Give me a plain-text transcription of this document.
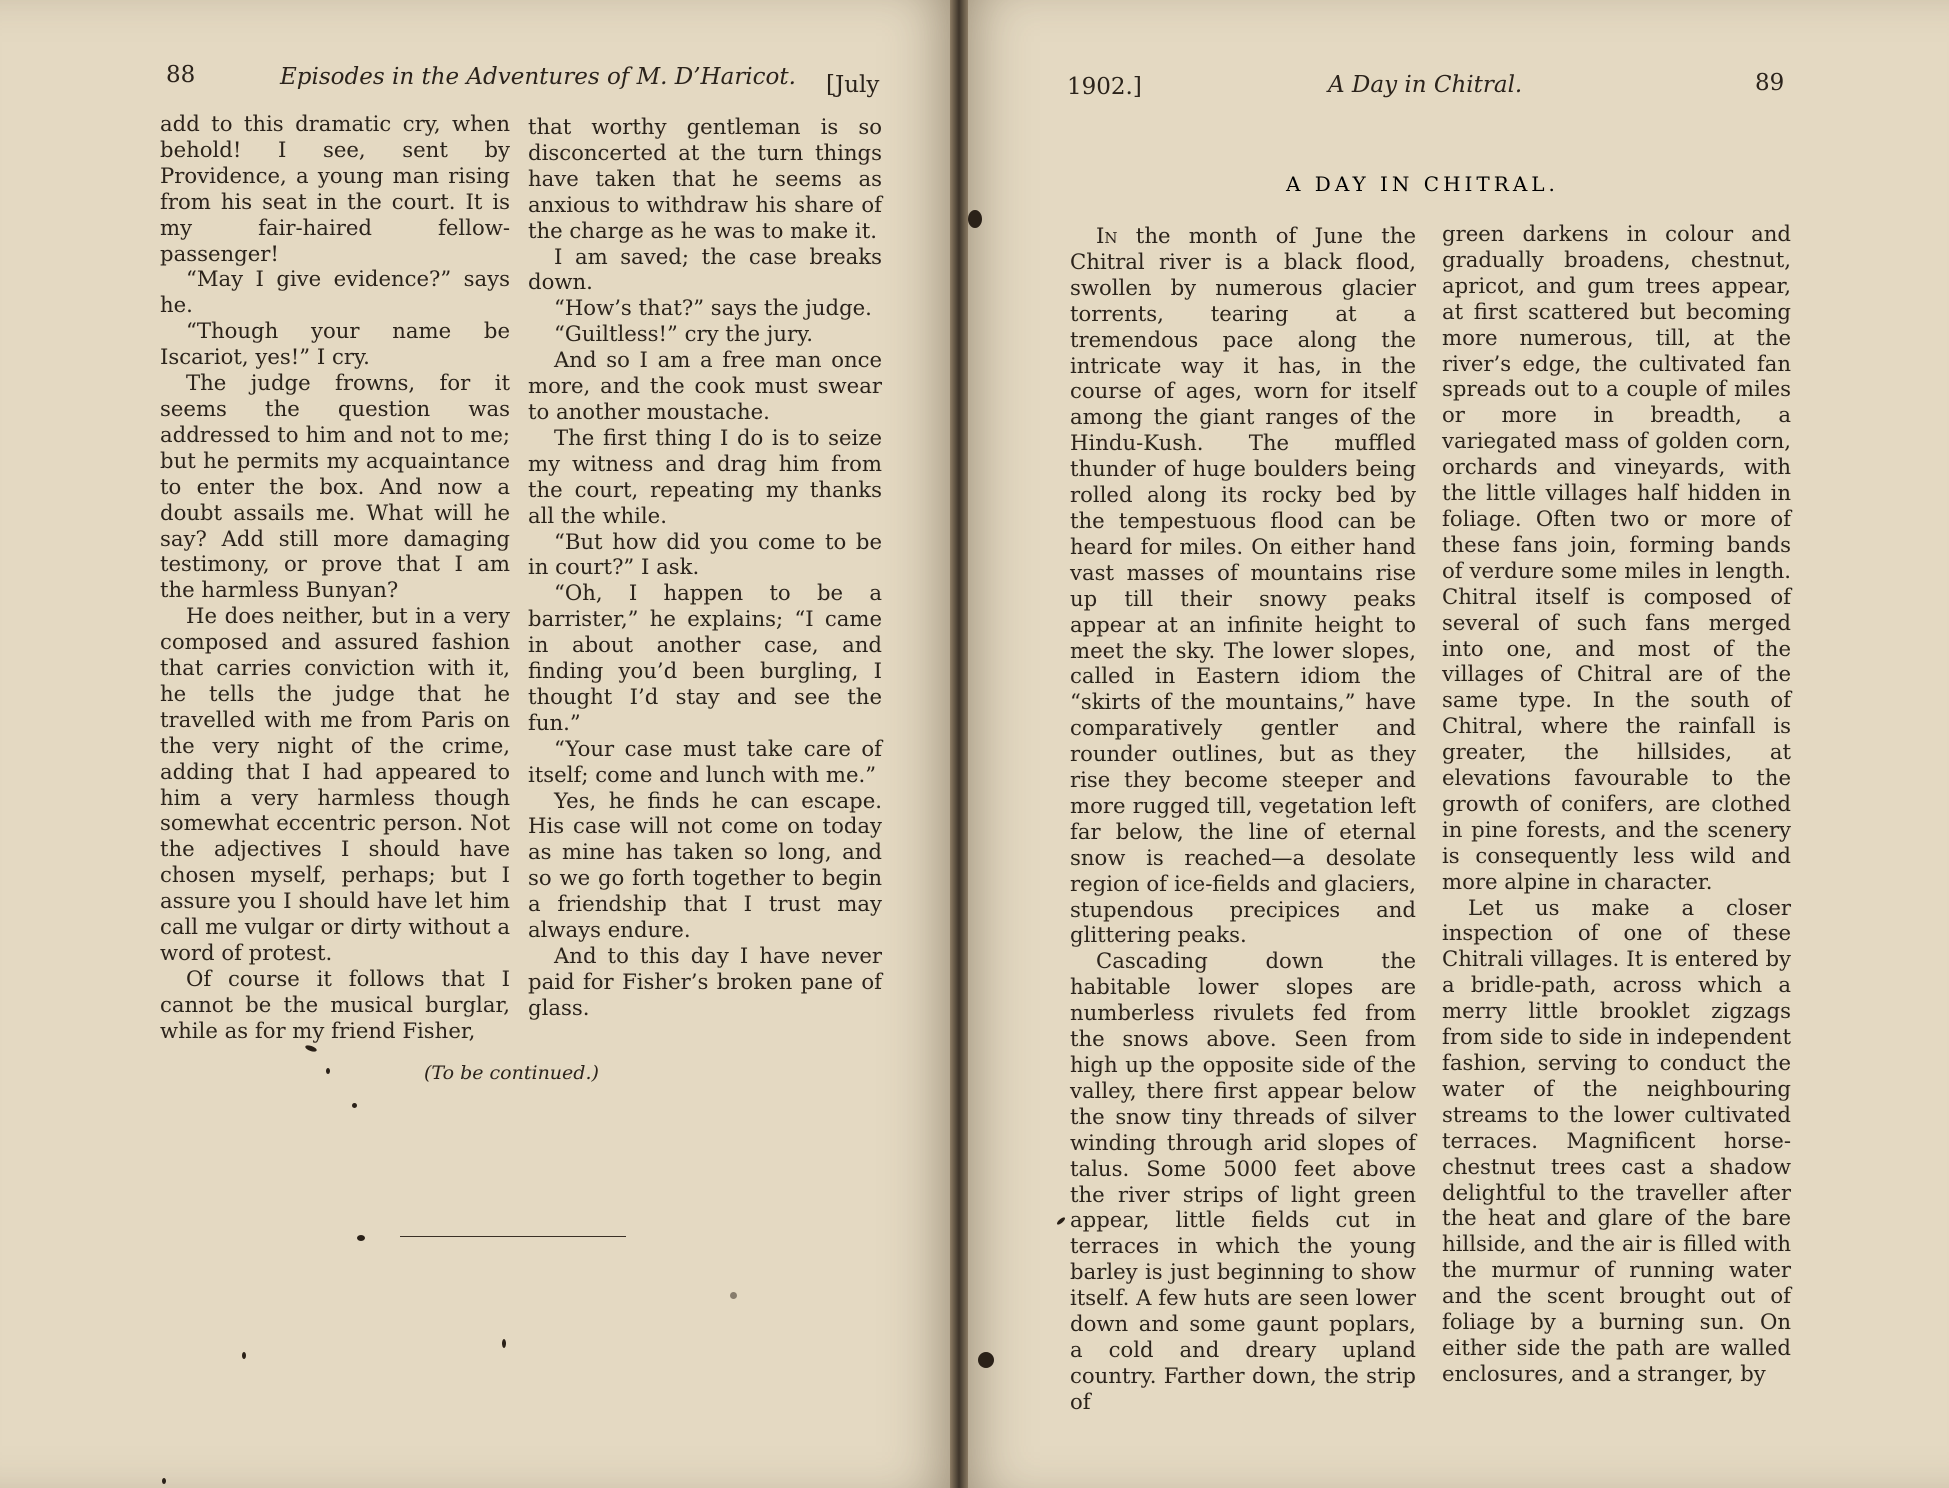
88	Episodes in the Adventures of M. D’Haricot. [July

add to this dramatic cry, when behold! I see, sent by Providence, a young man rising from his seat in the court. It is my fair-haired fellow-passenger!

“May I give evidence?” says he.

“Though your name be Iscariot, yes!” I cry.

The judge frowns, for it seems the question was addressed to him and not to me; but he permits my acquaintance to enter the box. And now a doubt assails me. What will he say? Add still more damaging testimony, or prove that I am the harmless Bunyan?

He does neither, but in a very composed and assured fashion that carries conviction with it, he tells the judge that he travelled with me from Paris on the very night of the crime, adding that I had appeared to him a very harmless though somewhat eccentric person. Not the adjectives I should have chosen myself, perhaps; but I assure you I should have let him call me vulgar or dirty without a word of protest.

Of course it follows that I cannot be the musical burglar, while as for my friend Fisher,

that worthy gentleman is so disconcerted at the turn things have taken that he seems as anxious to withdraw his share of the charge as he was to make it.

I am saved; the case breaks down.

“How’s that?” says the judge.

“Guiltless!” cry the jury.

And so I am a free man once more, and the cook must swear to another moustache.

The first thing I do is to seize my witness and drag him from the court, repeating my thanks all the while.

“But how did you come to be in court?” I ask.

“Oh, I happen to be a barrister,” he explains; “I came in about another case, and finding you’d been burgling, I thought I’d stay and see the fun.”

“Your case must take care of itself; come and lunch with me.”

Yes, he finds he can escape. His case will not come on today as mine has taken so long, and so we go forth together to begin a friendship that I trust may always endure.

And to this day I have never paid for Fisher’s broken pane of glass.

(To be continued.)
1902.]	A Day in Chitral.	89

In the month of June the Chitral river is a black flood, swollen by numerous glacier torrents, tearing at a tremendous pace along the intricate way it has, in the course of ages, worn for itself among the giant ranges of the Hindu-Kush. The muffled thunder of huge boulders being rolled along its rocky bed by the tempestuous flood can be heard for miles. On either hand vast masses of mountains rise up till their snowy peaks appear at an infinite height to meet the sky. The lower slopes, called in Eastern idiom the “skirts of the mountains,” have comparatively gentler and rounder outlines, but as they rise they become steeper and more rugged till, vegetation left far below, the line of eternal snow is reached—a desolate region of ice-fields and glaciers, stupendous precipices and glittering peaks.

Cascading down the habitable lower slopes are numberless rivulets fed from the snows above. Seen from high up the opposite side of the valley, there first appear below the snow tiny threads of silver winding through arid slopes of talus. Some 5000 feet above the river strips of light green appear, little fields cut in terraces in which the young barley is just beginning to show itself. A few huts are seen lower down and some gaunt poplars, a cold and dreary upland country. Farther down, the strip of

green darkens in colour and gradually broadens, chestnut, apricot, and gum trees appear, at first scattered but becoming more numerous, till, at the river’s edge, the cultivated fan spreads out to a couple of miles or more in breadth, a variegated mass of golden corn, orchards and vineyards, with the little villages half hidden in foliage. Often two or more of these fans join, forming bands of verdure some miles in length. Chitral itself is composed of several of such fans merged into one, and most of the villages of Chitral are of the same type. In the south of Chitral, where the rainfall is greater, the hillsides, at elevations favourable to the growth of conifers, are clothed in pine forests, and the scenery is consequently less wild and more alpine in character.

Let us make a closer inspection of one of these Chitrali villages. It is entered by a bridle-path, across which a merry little brooklet zigzags from side to side in independent fashion, serving to conduct the water of the neighbouring streams to the lower cultivated terraces. Magnificent horse-chestnut trees cast a shadow delightful to the traveller after the heat and glare of the bare hillside, and the air is filled with the murmur of running water and the scent brought out of foliage by a burning sun. On either side the path are walled enclosures, and a stranger, by

A DAY IN CHITRAL.
